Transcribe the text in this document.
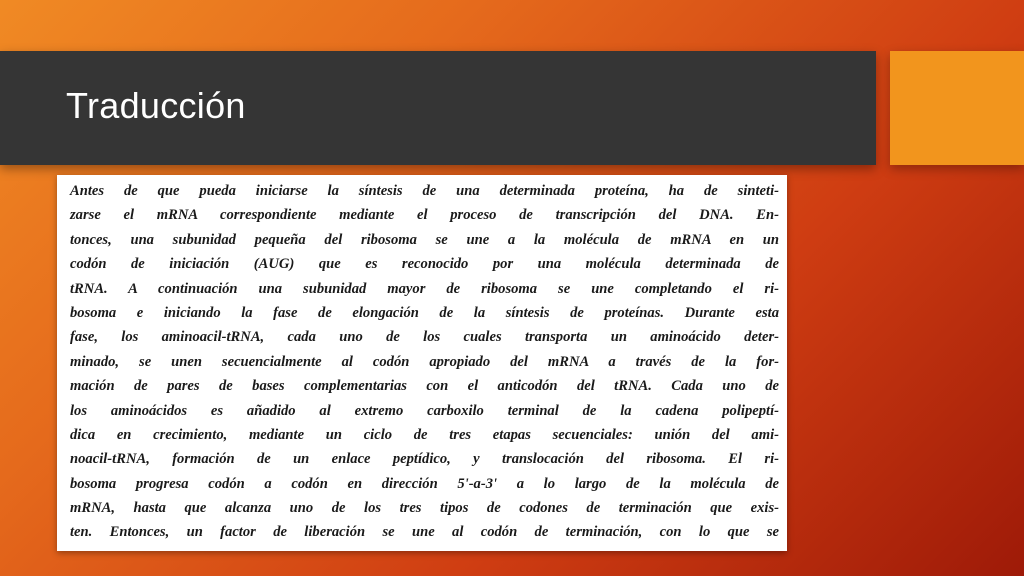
Traducción
Antes de que pueda iniciarse la síntesis de una determinada proteína, ha de sinteti-
zarse el mRNA correspondiente mediante el proceso de transcripción del DNA. En-
tonces, una subunidad pequeña del ribosoma se une a la molécula de mRNA en un
codón de iniciación (AUG) que es reconocido por una molécula determinada de
tRNA. A continuación una subunidad mayor de ribosoma se une completando el ri-
bosoma e iniciando la fase de elongación de la síntesis de proteínas. Durante esta
fase, los aminoacil-tRNA, cada uno de los cuales transporta un aminoácido deter-
minado, se unen secuencialmente al codón apropiado del mRNA a través de la for-
mación de pares de bases complementarias con el anticodón del tRNA. Cada uno de
los aminoácidos es añadido al extremo carboxilo terminal de la cadena polipeptí-
dica en crecimiento, mediante un ciclo de tres etapas secuenciales: unión del ami-
noacil-tRNA, formación de un enlace peptídico, y translocación del ribosoma. El ri-
bosoma progresa codón a codón en dirección 5'-a-3' a lo largo de la molécula de
mRNA, hasta que alcanza uno de los tres tipos de codones de terminación que exis-
ten. Entonces, un factor de liberación se une al codón de terminación, con lo que se
